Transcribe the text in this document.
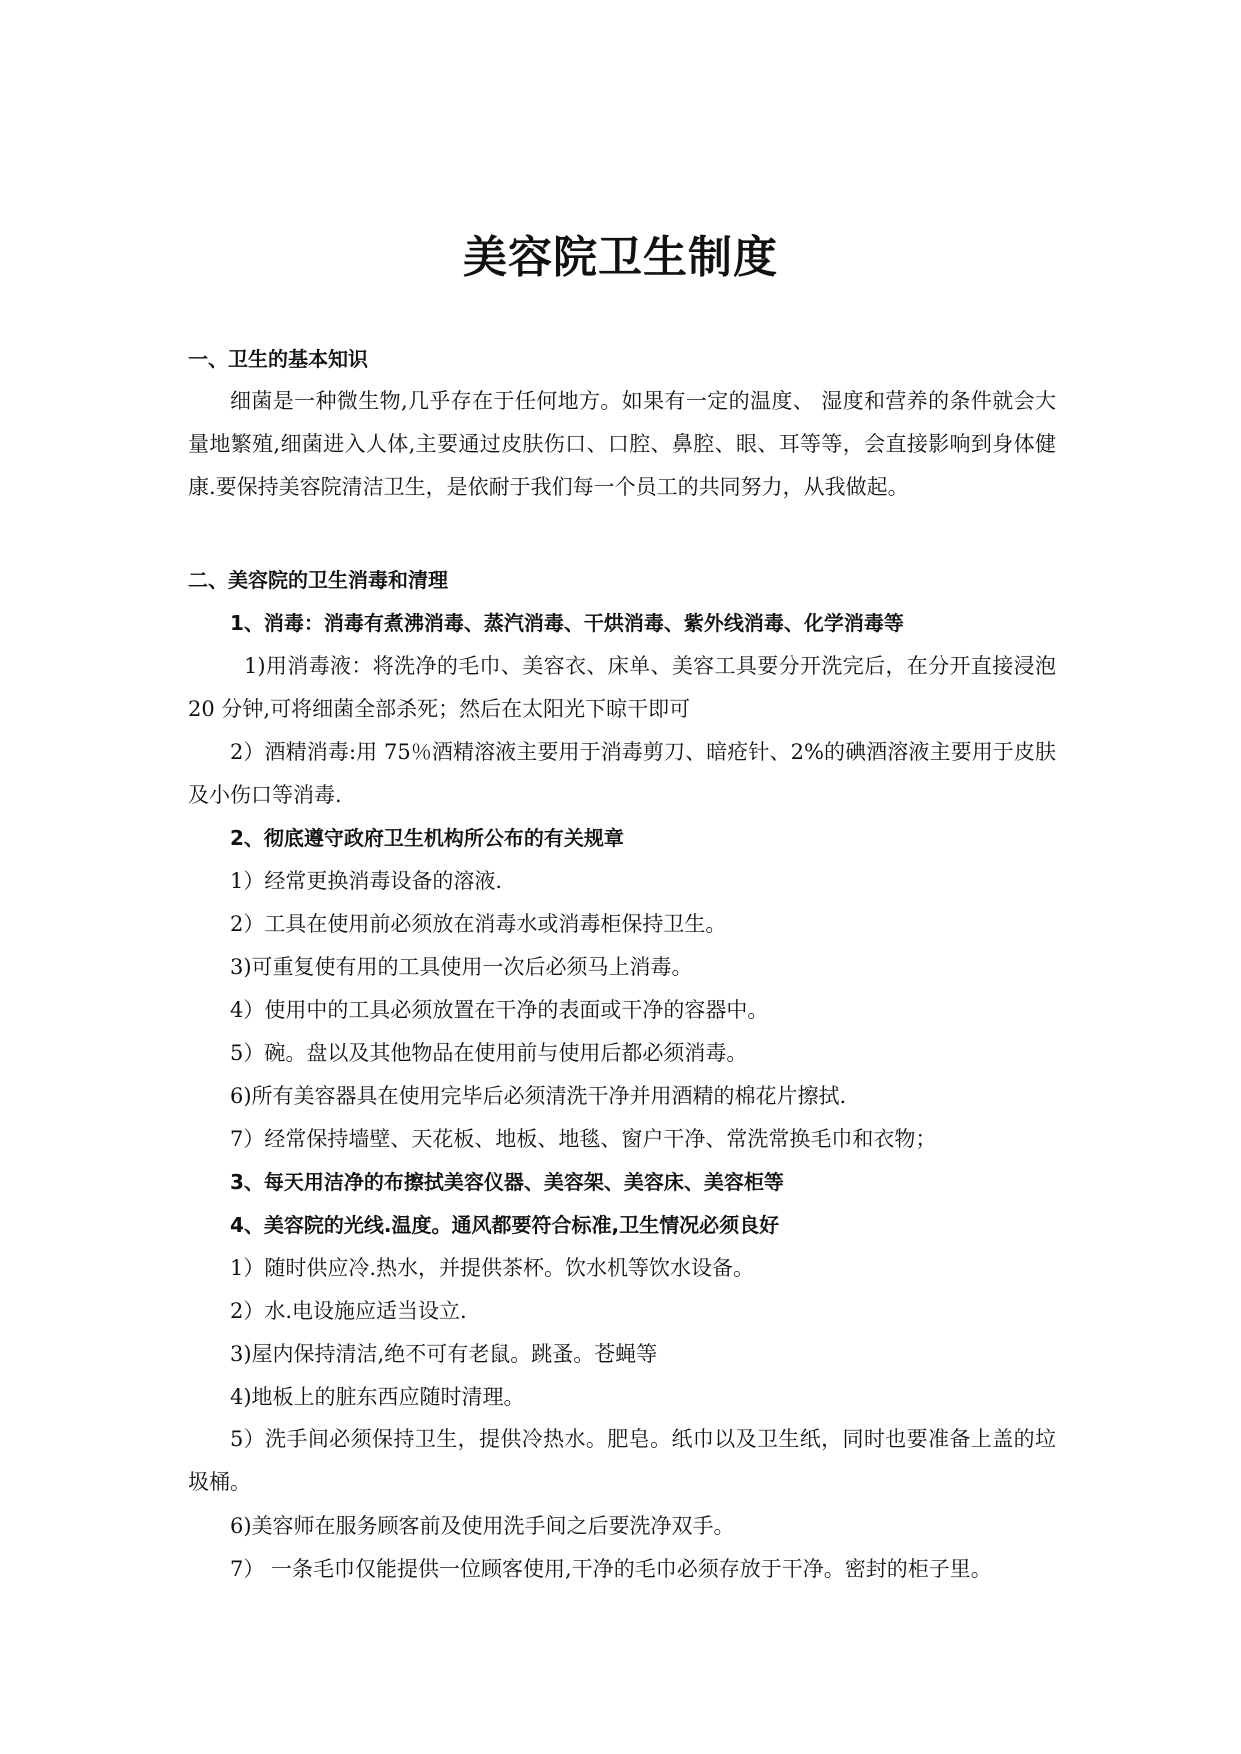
美容院卫生制度
一、卫生的基本知识
细菌是一种微生物,几乎存在于任何地方。如果有一定的温度、 湿度和营养的条件就会大量地繁殖,细菌进入人体,主要通过皮肤伤口、口腔、鼻腔、眼、耳等等，会直接影响到身体健康.要保持美容院清洁卫生，是依耐于我们每一个员工的共同努力，从我做起。
二、美容院的卫生消毒和清理
1、消毒：消毒有煮沸消毒、蒸汽消毒、干烘消毒、紫外线消毒、化学消毒等
1)用消毒液：将洗净的毛巾、美容衣、床单、美容工具要分开洗完后，在分开直接浸泡 20 分钟,可将细菌全部杀死；然后在太阳光下晾干即可
2）酒精消毒:用 75％酒精溶液主要用于消毒剪刀、暗疮针、2%的碘酒溶液主要用于皮肤及小伤口等消毒.
2、彻底遵守政府卫生机构所公布的有关规章
1）经常更换消毒设备的溶液.
2）工具在使用前必须放在消毒水或消毒柜保持卫生。
3)可重复使有用的工具使用一次后必须马上消毒。
4）使用中的工具必须放置在干净的表面或干净的容器中。
5）碗。盘以及其他物品在使用前与使用后都必须消毒。
6)所有美容器具在使用完毕后必须清洗干净并用酒精的棉花片擦拭.
7）经常保持墙壁、天花板、地板、地毯、窗户干净、常洗常换毛巾和衣物；
3、每天用洁净的布擦拭美容仪器、美容架、美容床、美容柜等
4、美容院的光线.温度。通风都要符合标准,卫生情况必须良好
1）随时供应冷.热水，并提供茶杯。饮水机等饮水设备。
2）水.电设施应适当设立.
3)屋内保持清洁,绝不可有老鼠。跳蚤。苍蝇等
4)地板上的脏东西应随时清理。
5）洗手间必须保持卫生，提供冷热水。肥皂。纸巾以及卫生纸，同时也要准备上盖的垃圾桶。
6)美容师在服务顾客前及使用洗手间之后要洗净双手。
7） 一条毛巾仅能提供一位顾客使用,干净的毛巾必须存放于干净。密封的柜子里。
